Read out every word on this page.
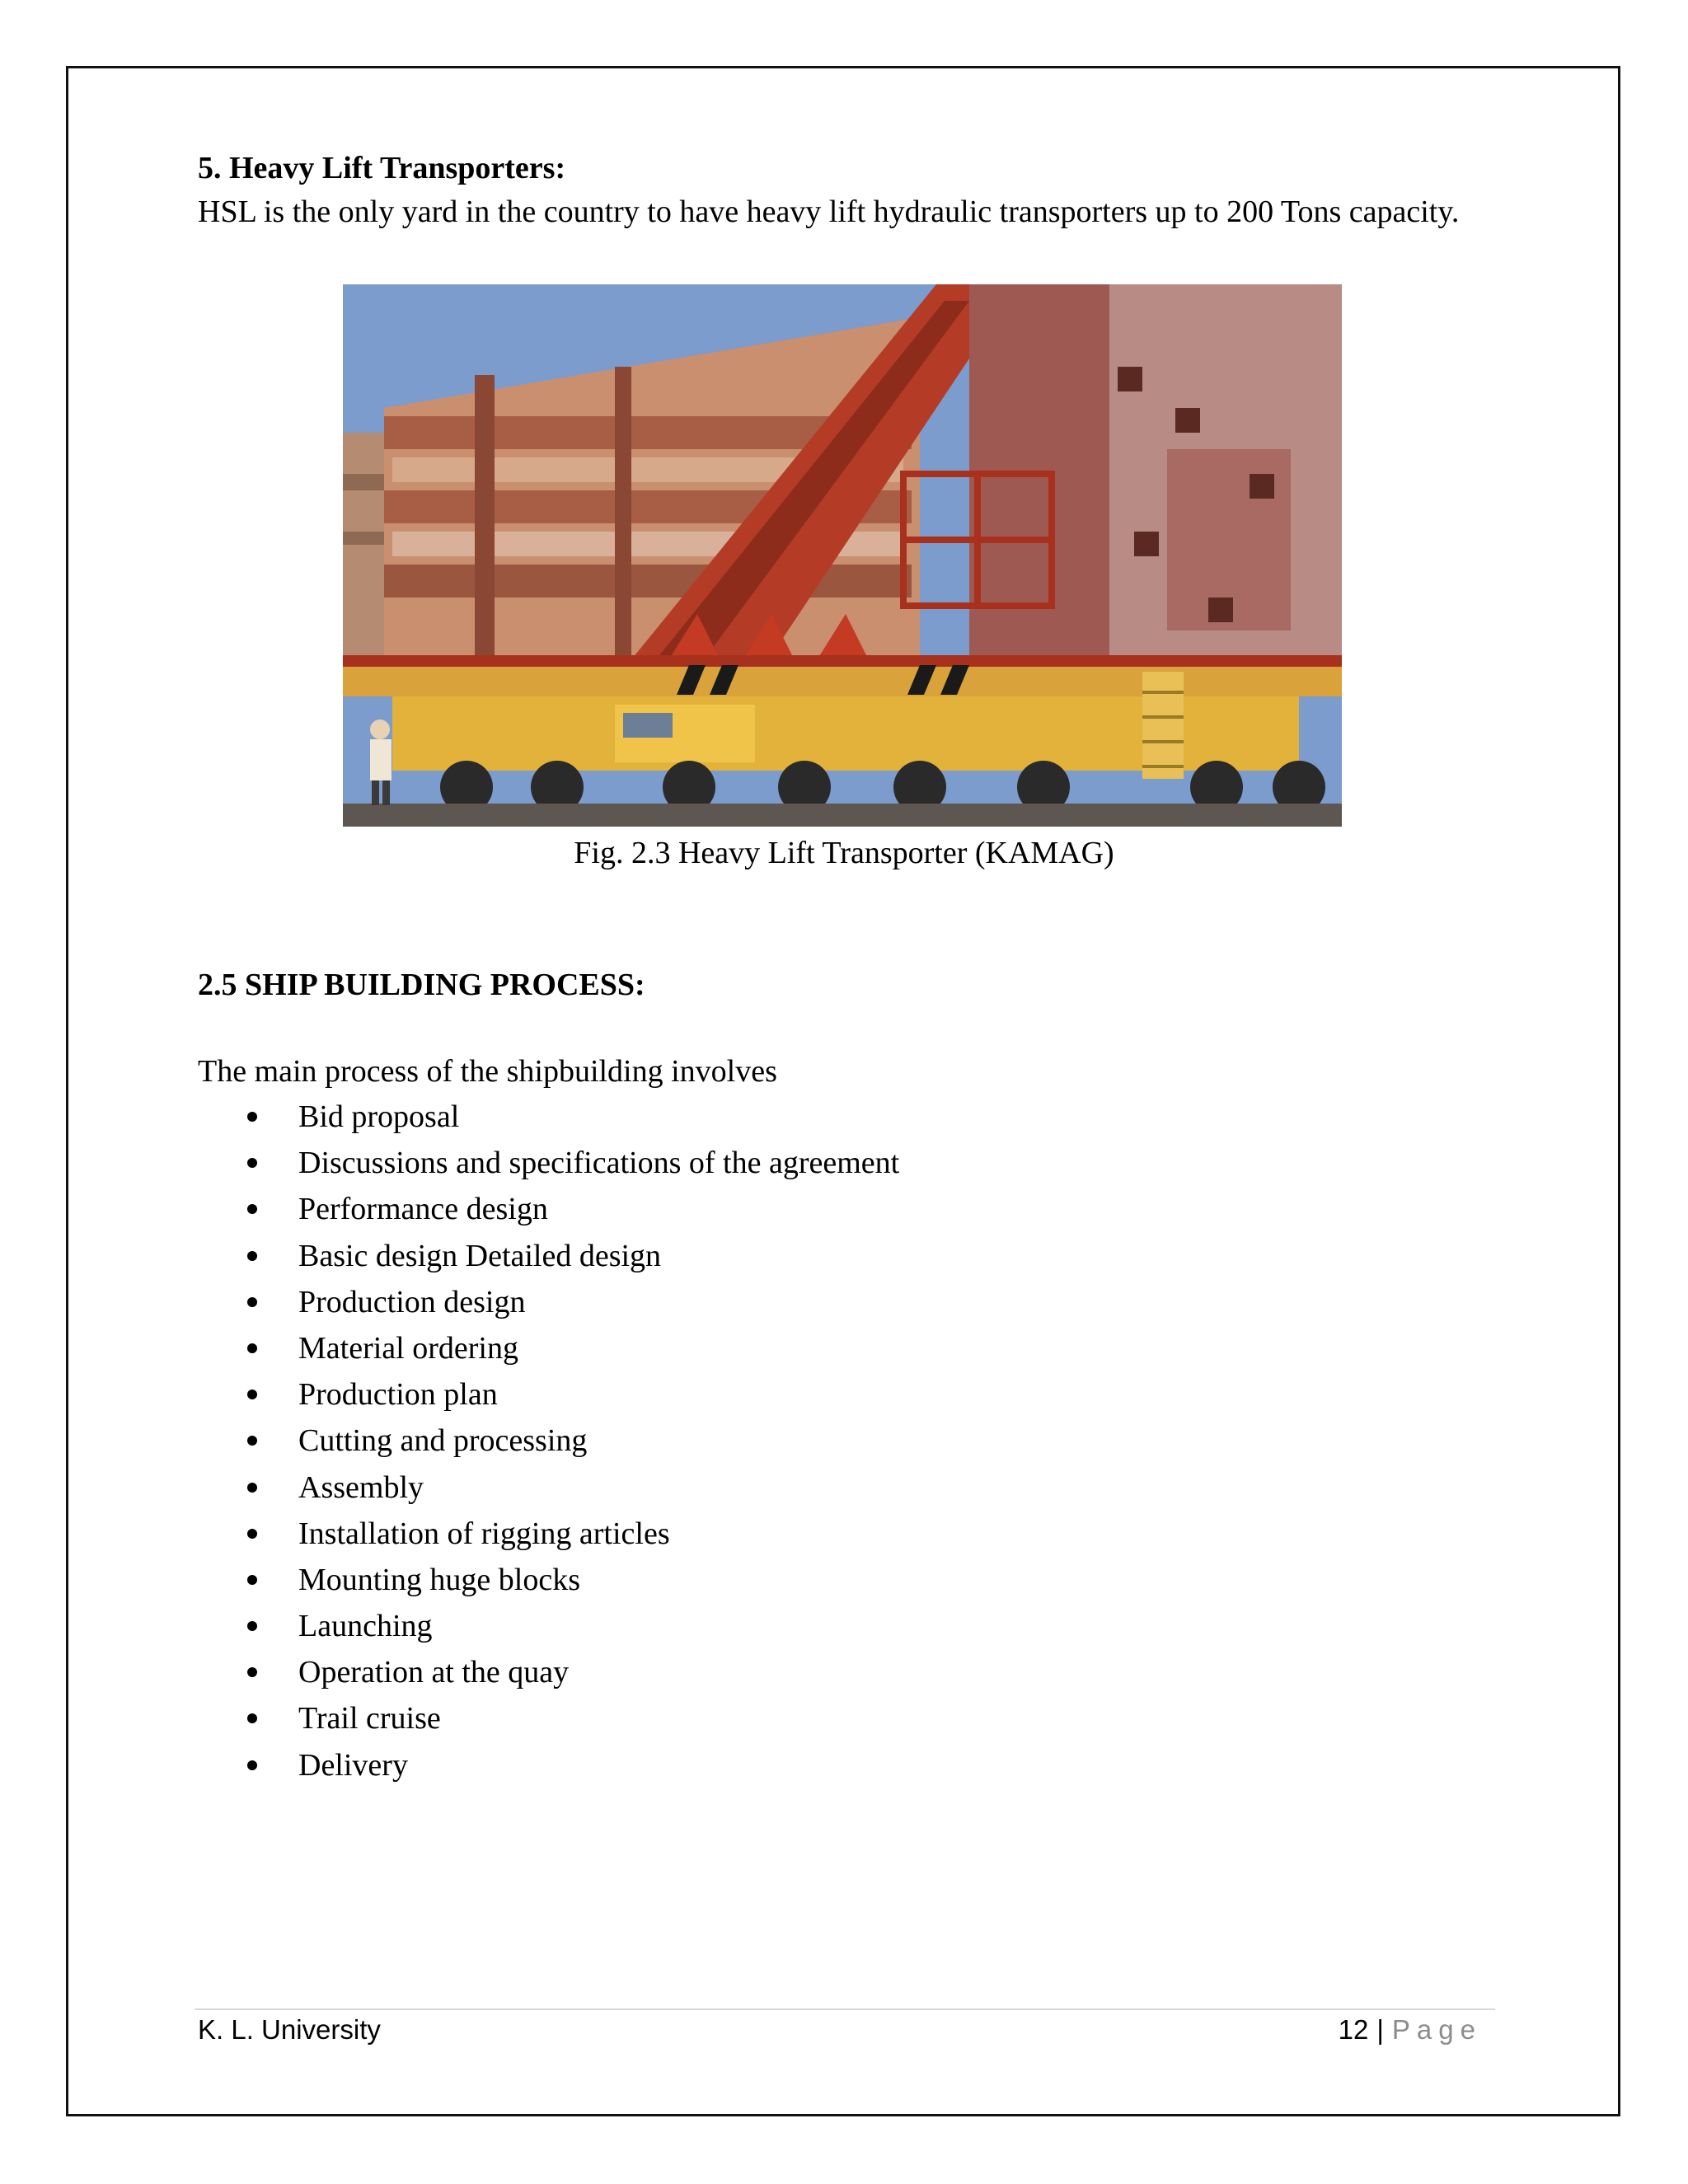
5. Heavy Lift Transporters:

HSL is the only yard in the country to have heavy lift hydraulic transporters up to 200 Tons capacity.

Fig. 2.3 Heavy Lift Transporter (KAMAG)

2.5 SHIP BUILDING PROCESS:

The main process of the shipbuilding involves

Bid proposal
Discussions and specifications of the agreement
Performance design
Basic design Detailed design
Production design
Material ordering
Production plan
Cutting and processing
Assembly
Installation of rigging articles
Mounting huge blocks
Launching
Operation at the quay
Trail cruise
Delivery
K. L. University	12 | Page
